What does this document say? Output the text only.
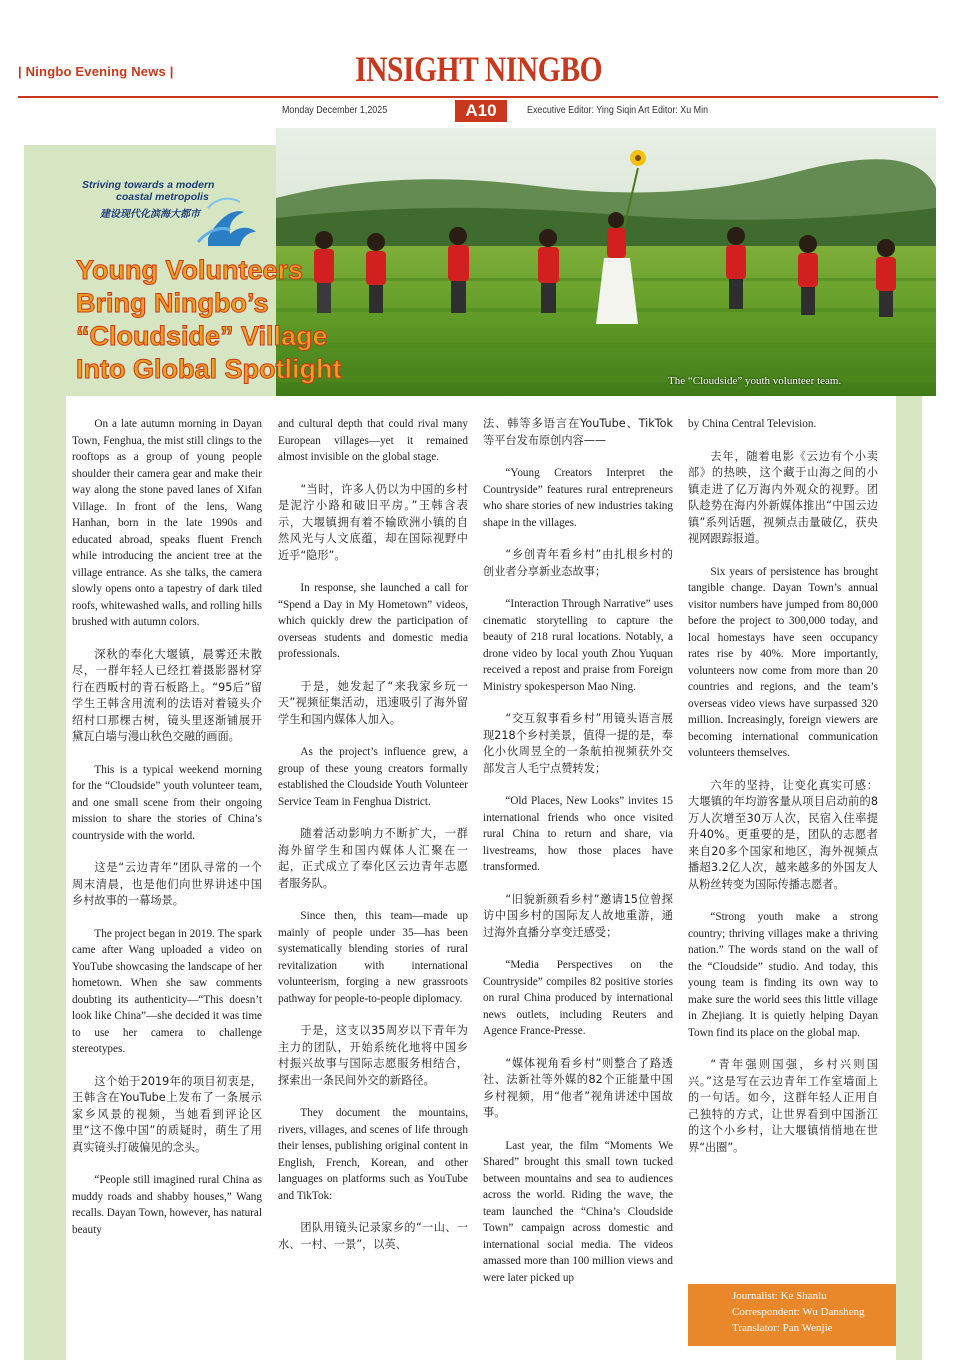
| Ningbo Evening News |	INSIGHT NINGBO
Monday December 1,2025	A10	Executive Editor: Ying Siqin Art Editor: Xu Min
The “Cloudside” youth volunteer team.
Striving towards a modern
coastal metropolis
建设现代化滨海大都市
Young Volunteers
Bring Ningbo’s
“Cloudside” Village
Into Global Spotlight

On a late autumn morning in Dayan Town, Fenghua, the mist still clings to the rooftops as a group of young people shoulder their camera gear and make their way along the stone paved lanes of Xifan Village. In front of the lens, Wang Hanhan, born in the late 1990s and educated abroad, speaks fluent French while introducing the ancient tree at the village entrance. As she talks, the camera slowly opens onto a tapestry of dark tiled roofs, whitewashed walls, and rolling hills brushed with autumn colors.

深秋的奉化大堰镇，晨雾还未散尽，一群年轻人已经扛着摄影器材穿行在西畈村的青石板路上。“95后”留学生王韩含用流利的法语对着镜头介绍村口那棵古树，镜头里逐渐铺展开黛瓦白墙与漫山秋色交融的画面。

This is a typical weekend morning for the “Cloudside” youth volunteer team, and one small scene from their ongoing mission to share the stories of China’s countryside with the world.

这是“云边青年”团队寻常的一个周末清晨，也是他们向世界讲述中国乡村故事的一幕场景。

The project began in 2019. The spark came after Wang uploaded a video on YouTube showcasing the landscape of her hometown. When she saw comments doubting its authenticity—“This doesn’t look like China”—she decided it was time to use her camera to challenge stereotypes.

这个始于2019年的项目初衷是，王韩含在YouTube上发布了一条展示家乡风景的视频，当她看到评论区里“这不像中国”的质疑时，萌生了用真实镜头打破偏见的念头。

“People still imagined rural China as muddy roads and shabby houses,” Wang recalls. Dayan Town, however, has natural beauty

and cultural depth that could rival many European villages—yet it remained almost invisible on the global stage.

“当时，许多人仍以为中国的乡村是泥泞小路和破旧平房。”王韩含表示，大堰镇拥有着不输欧洲小镇的自然风光与人文底蕴，却在国际视野中近乎“隐形”。

In response, she launched a call for “Spend a Day in My Hometown” videos, which quickly drew the participation of overseas students and domestic media professionals.

于是，她发起了“来我家乡玩一天”视频征集活动，迅速吸引了海外留学生和国内媒体人加入。

As the project’s influence grew, a group of these young creators formally established the Cloudside Youth Volunteer Service Team in Fenghua District.

随着活动影响力不断扩大，一群海外留学生和国内媒体人汇聚在一起，正式成立了奉化区云边青年志愿者服务队。

Since then, this team—made up mainly of people under 35—has been systematically blending stories of rural revitalization with international volunteerism, forging a new grassroots pathway for people-to-people diplomacy.

于是，这支以35周岁以下青年为主力的团队，开始系统化地将中国乡村振兴故事与国际志愿服务相结合，探索出一条民间外交的新路径。

They document the mountains, rivers, villages, and scenes of life through their lenses, publishing original content in English, French, Korean, and other languages on platforms such as YouTube and TikTok:

团队用镜头记录家乡的“一山、一水、一村、一景”，以英、

法、韩等多语言在YouTube、TikTok等平台发布原创内容——

“Young Creators Interpret the Countryside” features rural entrepreneurs who share stories of new industries taking shape in the villages.

“乡创青年看乡村”由扎根乡村的创业者分享新业态故事；

“Interaction Through Narrative” uses cinematic storytelling to capture the beauty of 218 rural locations. Notably, a drone video by local youth Zhou Yuquan received a repost and praise from Foreign Ministry spokesperson Mao Ning.

“交互叙事看乡村”用镜头语言展现218个乡村美景，值得一提的是，奉化小伙周昱全的一条航拍视频获外交部发言人毛宁点赞转发；

“Old Places, New Looks” invites 15 international friends who once visited rural China to return and share, via livestreams, how those places have transformed.

“旧貌新颜看乡村”邀请15位曾探访中国乡村的国际友人故地重游，通过海外直播分享变迁感受；

“Media Perspectives on the Countryside” compiles 82 positive stories on rural China produced by international news outlets, including Reuters and Agence France-Presse.

“媒体视角看乡村”则整合了路透社、法新社等外媒的82个正能量中国乡村视频，用“他者”视角讲述中国故事。

Last year, the film “Moments We Shared” brought this small town tucked between mountains and sea to audiences across the world. Riding the wave, the team launched the “China’s Cloudside Town” campaign across domestic and international social media. The videos amassed more than 100 million views and were later picked up

by China Central Television.

去年，随着电影《云边有个小卖部》的热映，这个藏于山海之间的小镇走进了亿万海内外观众的视野。团队趁势在海内外新媒体推出“中国云边镇”系列话题，视频点击量破亿，获央视网跟踪报道。

Six years of persistence has brought tangible change. Dayan Town’s annual visitor numbers have jumped from 80,000 before the project to 300,000 today, and local homestays have seen occupancy rates rise by 40%. More importantly, volunteers now come from more than 20 countries and regions, and the team’s overseas video views have surpassed 320 million. Increasingly, foreign viewers are becoming international communication volunteers themselves.

六年的坚持，让变化真实可感：大堰镇的年均游客量从项目启动前的8万人次增至30万人次，民宿入住率提升40%。更重要的是，团队的志愿者来自20多个国家和地区，海外视频点播超3.2亿人次，越来越多的外国友人从粉丝转变为国际传播志愿者。

“Strong youth make a strong country; thriving villages make a thriving nation.” The words stand on the wall of the “Cloudside” studio. And today, this young team is finding its own way to make sure the world sees this little village in Zhejiang. It is quietly helping Dayan Town find its place on the global map.

“青年强则国强，乡村兴则国兴。”这是写在云边青年工作室墙面上的一句话。如今，这群年轻人正用自己独特的方式，让世界看到中国浙江的这个小乡村，让大堰镇悄悄地在世界“出圈”。

Journalist: Ke Shanlu
Correspondent: Wu Dansheng
Translator: Pan Wenjie
